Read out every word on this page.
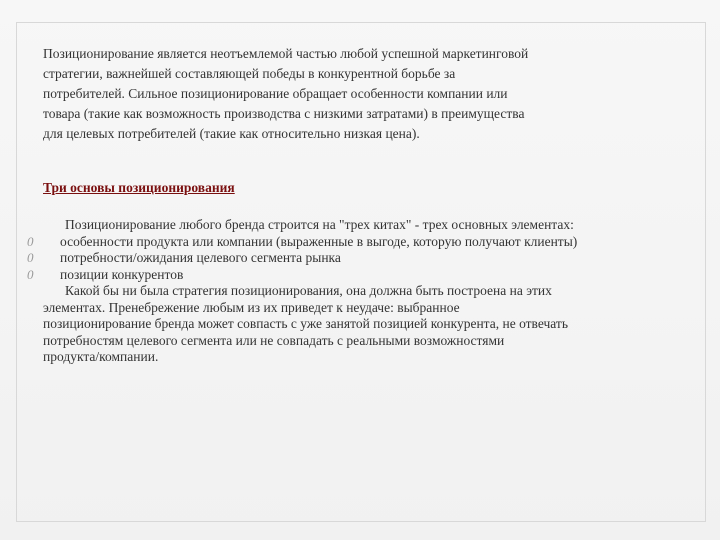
Позиционирование является неотъемлемой частью любой успешной маркетинговой
стратегии, важнейшей составляющей победы в конкурентной борьбе за
потребителей. Сильное позиционирование обращает особенности компании или
товара (такие как возможность производства с низкими затратами) в преимущества
для целевых потребителей (такие как относительно низкая цена).
Три основы позиционирования
Позиционирование любого бренда строится на "трех китах" - трех основных элементах:
0 особенности продукта или компании (выраженные в выгоде, которую получают клиенты)
0 потребности/ожидания целевого сегмента рынка
0 позиции конкурентов
Какой бы ни была стратегия позиционирования, она должна быть построена на этих
элементах. Пренебрежение любым из их приведет к неудаче: выбранное
позиционирование бренда может совпасть с уже занятой позицией конкурента, не отвечать
потребностям целевого сегмента или не совпадать с реальными возможностями
продукта/компании.
